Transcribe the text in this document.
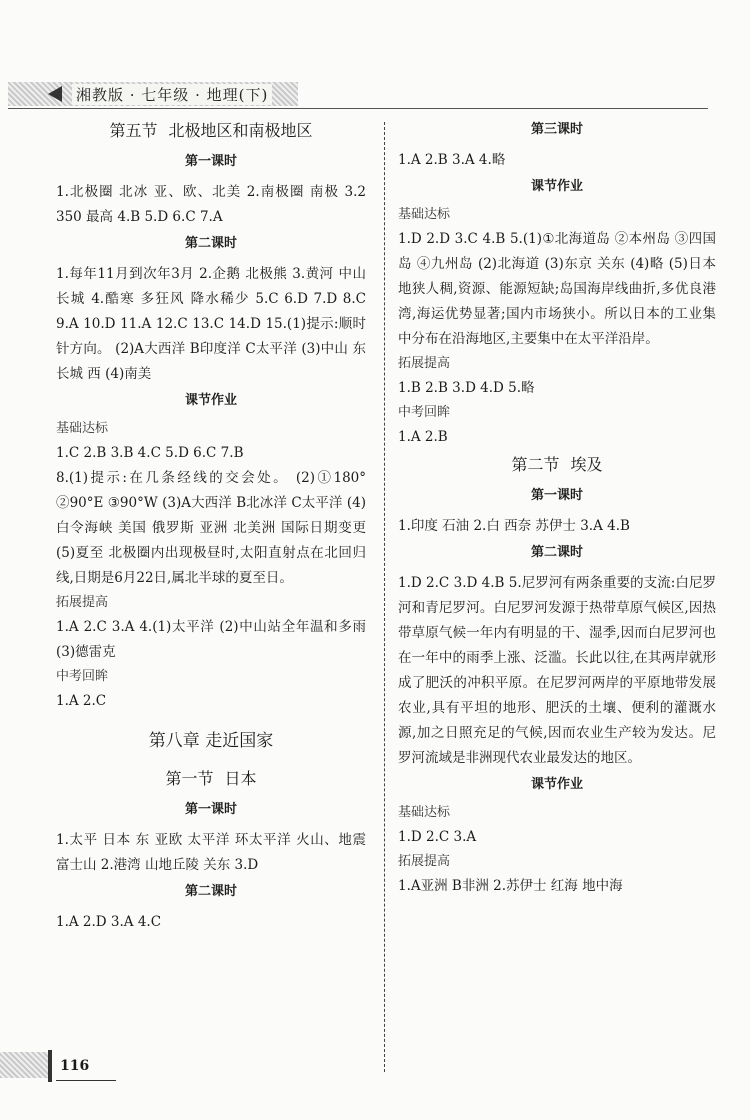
湘教版 · 七年级 · 地理(下)
第五节 北极地区和南极地区
第一课时

1.北极圈 北冰 亚、欧、北美 2.南极圈 南极 3.2 350 最高 4.B 5.D 6.C 7.A

第二课时

1.每年11月到次年3月 2.企鹅 北极熊 3.黄河 中山 长城 4.酷寒 多狂风 降水稀少 5.C 6.D 7.D 8.C 9.A 10.D 11.A 12.C 13.C 14.D 15.(1)提示:顺时针方向。 (2)A大西洋 B印度洋 C太平洋 (3)中山 东 长城 西 (4)南美

课节作业
基础达标

1.C 2.B 3.B 4.C 5.D 6.C 7.B

8.(1)提示:在几条经线的交会处。 (2)①180° ②90°E ③90°W (3)A大西洋 B北冰洋 C太平洋 (4)白令海峡 美国 俄罗斯 亚洲 北美洲 国际日期变更 (5)夏至 北极圈内出现极昼时,太阳直射点在北回归线,日期是6月22日,属北半球的夏至日。

拓展提高

1.A 2.C 3.A 4.(1)太平洋 (2)中山站全年温和多雨 (3)德雷克

中考回眸

1.A 2.C

第八章 走近国家
第一节 日本
第一课时

1.太平 日本 东 亚欧 太平洋 环太平洋 火山、地震 富士山 2.港湾 山地丘陵 关东 3.D

第二课时

1.A 2.D 3.A 4.C

第三课时

1.A 2.B 3.A 4.略

课节作业
基础达标

1.D 2.D 3.C 4.B 5.(1)①北海道岛 ②本州岛 ③四国岛 ④九州岛 (2)北海道 (3)东京 关东 (4)略 (5)日本地狭人稠,资源、能源短缺;岛国海岸线曲折,多优良港湾,海运优势显著;国内市场狭小。所以日本的工业集中分布在沿海地区,主要集中在太平洋沿岸。

拓展提高

1.B 2.B 3.D 4.D 5.略

中考回眸

1.A 2.B

第二节 埃及
第一课时

1.印度 石油 2.白 西奈 苏伊士 3.A 4.B

第二课时

1.D 2.C 3.D 4.B 5.尼罗河有两条重要的支流:白尼罗河和青尼罗河。白尼罗河发源于热带草原气候区,因热带草原气候一年内有明显的干、湿季,因而白尼罗河也在一年中的雨季上涨、泛滥。长此以往,在其两岸就形成了肥沃的冲积平原。在尼罗河两岸的平原地带发展农业,具有平坦的地形、肥沃的土壤、便利的灌溉水源,加之日照充足的气候,因而农业生产较为发达。尼罗河流域是非洲现代农业最发达的地区。

课节作业
基础达标

1.D 2.C 3.A

拓展提高

1.A亚洲 B非洲 2.苏伊士 红海 地中海

116
